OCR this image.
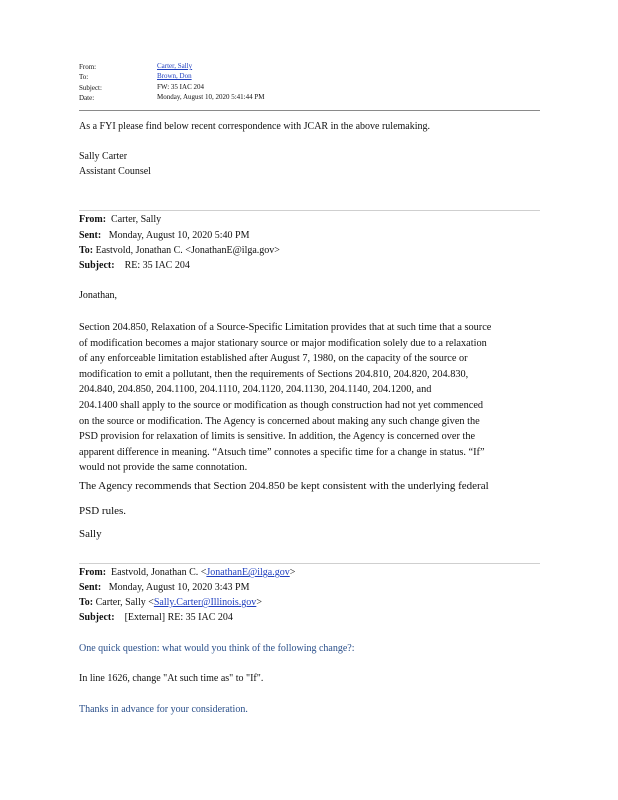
From:	Carter, Sally
To:	Brown, Don
Subject:	FW: 35 IAC 204
Date:	Monday, August 10, 2020 5:41:44 PM
As a FYI please find below recent correspondence with JCAR in the above rulemaking.
Sally Carter
Assistant Counsel
From: Carter, Sally
Sent: Monday, August 10, 2020 5:40 PM
To: Eastvold, Jonathan C. <JonathanE@ilga.gov>
Subject: RE: 35 IAC 204
Jonathan,
Section 204.850, Relaxation of a Source-Specific Limitation provides that at such time that a source
of modification becomes a major stationary source or major modification solely due to a relaxation
of any enforceable limitation established after August 7, 1980, on the capacity of the source or
modification to emit a pollutant, then the requirements of Sections 204.810, 204.820, 204.830,
204.840, 204.850, 204.1100, 204.1110, 204.1120, 204.1130, 204.1140, 204.1200, and
204.1400 shall apply to the source or modification as though construction had not yet commenced
on the source or modification. The Agency is concerned about making any such change given the
PSD provision for relaxation of limits is sensitive. In addition, the Agency is concerned over the
apparent difference in meaning. “Atsuch time” connotes a specific time for a change in status. “If”
would not provide the same connotation.
The Agency recommends that Section 204.850 be kept consistent with the underlying federal
PSD rules.
Sally
From: Eastvold, Jonathan C. <JonathanE@ilga.gov>
Sent: Monday, August 10, 2020 3:43 PM
To: Carter, Sally <Sally.Carter@Illinois.gov>
Subject: [External] RE: 35 IAC 204
One quick question: what would you think of the following change?:
In line 1626, change "At such time as" to "If".
Thanks in advance for your consideration.
